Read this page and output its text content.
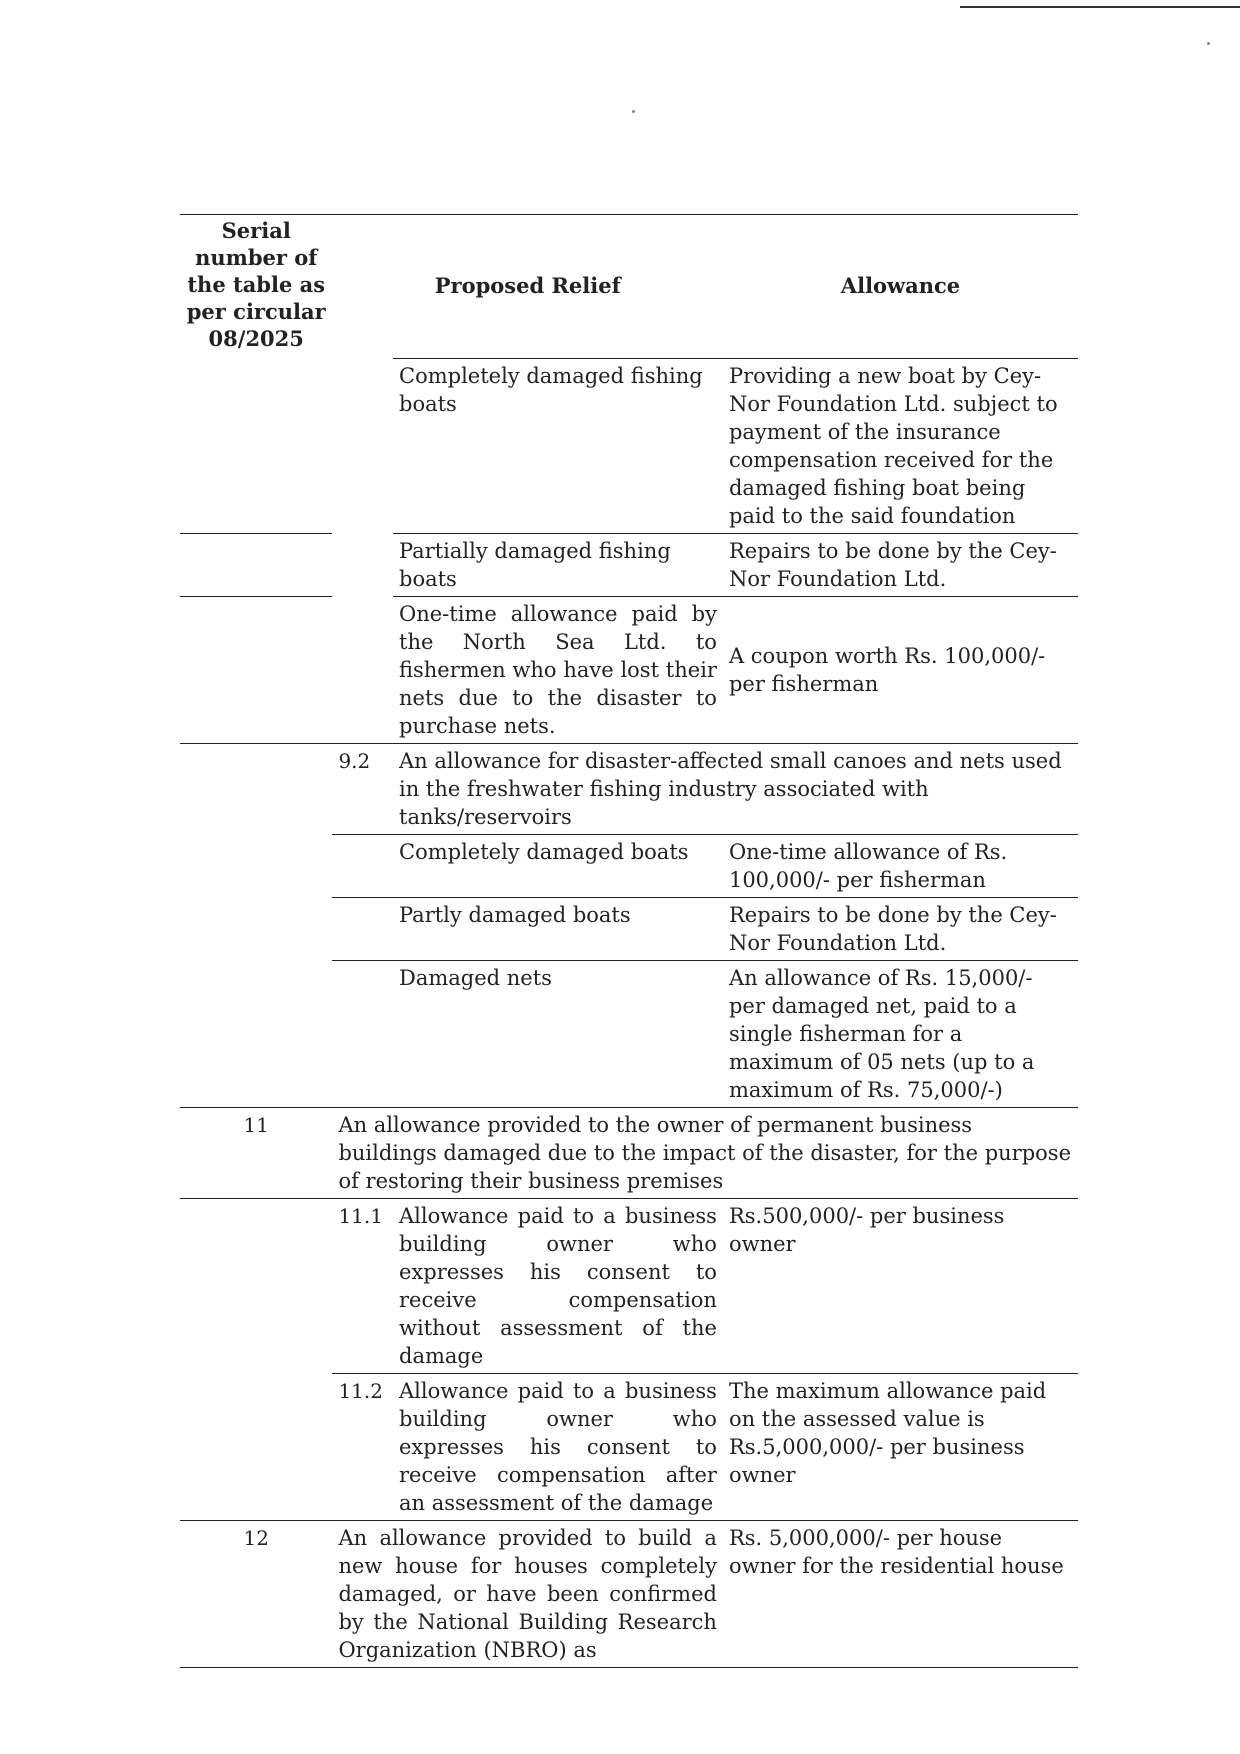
Serial number of the table as per circular 08/2025	Proposed Relief		Allowance
		Completely damaged fishing boats	Providing a new boat by Cey-Nor Foundation Ltd. subject to payment of the insurance compensation received for the damaged fishing boat being paid to the said foundation
		Partially damaged fishing boats	Repairs to be done by the Cey-Nor Foundation Ltd.
		One-time allowance paid by the North Sea Ltd. to fishermen who have lost their nets due to the disaster to purchase nets.	A coupon worth Rs. 100,000/- per fisherman
	9.2	An allowance for disaster-affected small canoes and nets used in the freshwater fishing industry associated with tanks/reservoirs	
		Completely damaged boats	One-time allowance of Rs. 100,000/- per fisherman
		Partly damaged boats	Repairs to be done by the Cey-Nor Foundation Ltd.
		Damaged nets	An allowance of Rs. 15,000/- per damaged net, paid to a single fisherman for a maximum of 05 nets (up to a maximum of Rs. 75,000/-)
11	An allowance provided to the owner of permanent business buildings damaged due to the impact of the disaster, for the purpose of restoring their business premises		
	11.1	Allowance paid to a business building owner who expresses his consent to receive compensation without assessment of the damage	Rs.500,000/- per business owner
	11.2	Allowance paid to a business building owner who expresses his consent to receive compensation after an assessment of the damage	The maximum allowance paid on the assessed value is Rs.5,000,000/- per business owner
12	An allowance provided to build a new house for houses completely damaged, or have been confirmed by the National Building Research Organization (NBRO) as		Rs. 5,000,000/- per house owner for the residential house
